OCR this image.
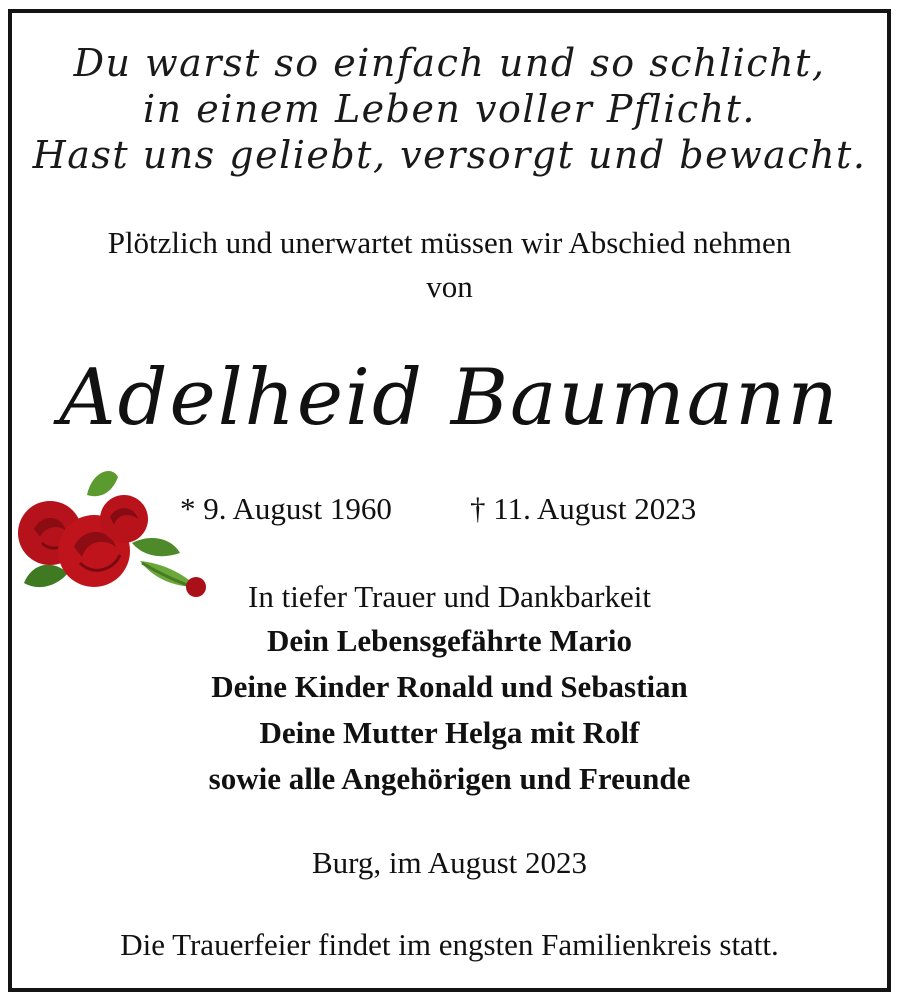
Du warst so einfach und so schlicht,
in einem Leben voller Pflicht.
Hast uns geliebt, versorgt und bewacht.
Plötzlich und unerwartet müssen wir Abschied nehmen
von
Adelheid Baumann
* 9. August 1960	† 11. August 2023
In tiefer Trauer und Dankbarkeit
Dein Lebensgefährte Mario
Deine Kinder Ronald und Sebastian
Deine Mutter Helga mit Rolf
sowie alle Angehörigen und Freunde
Burg, im August 2023
Die Trauerfeier findet im engsten Familienkreis statt.
